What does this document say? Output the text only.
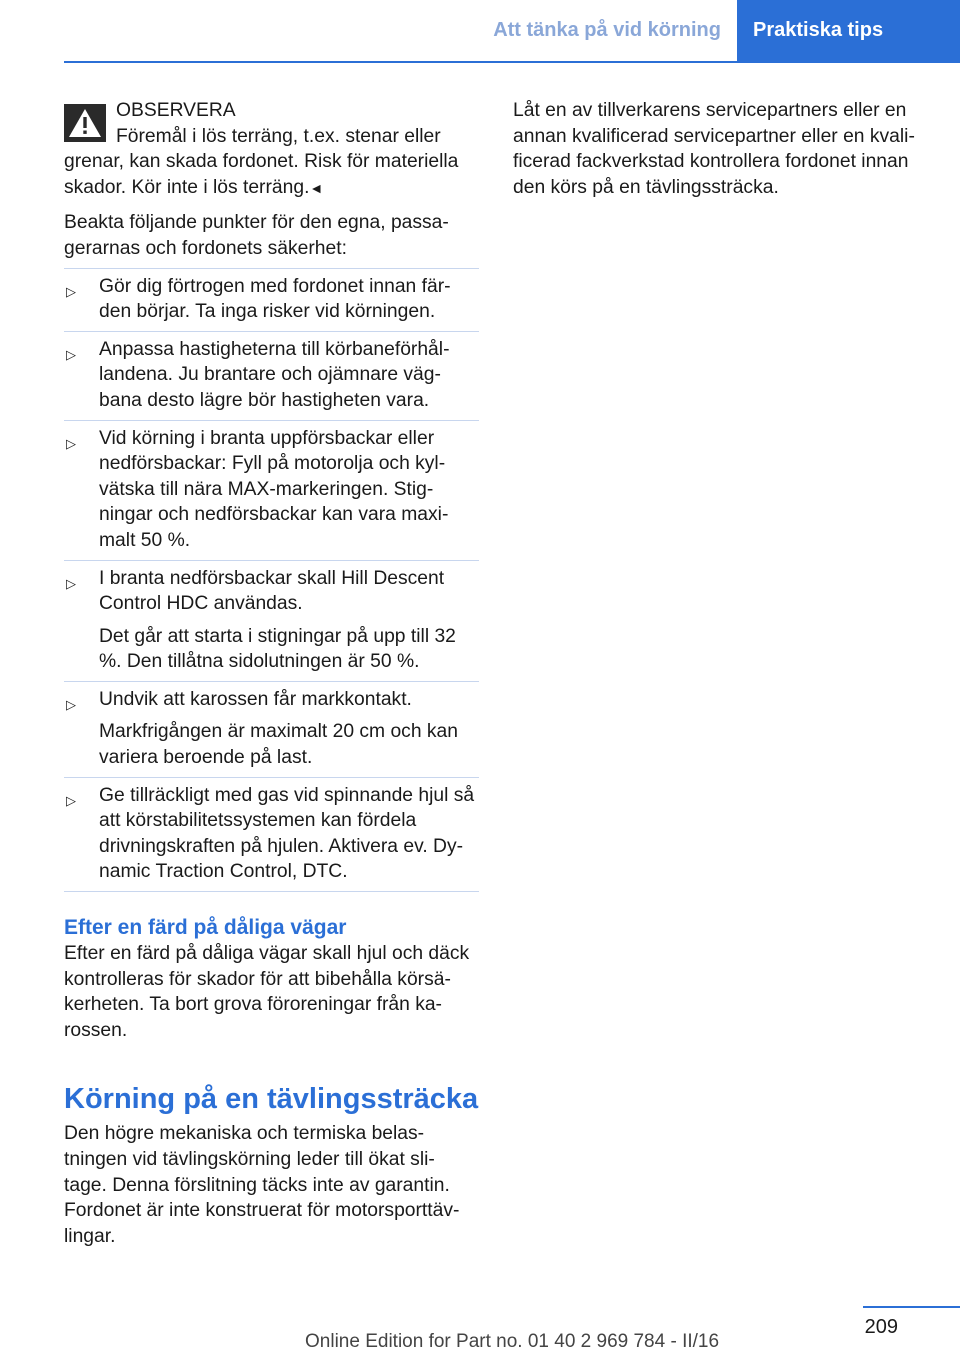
Att tänka på vid körning	Praktiska tips

OBSERVERA

Föremål i lös terräng, t.ex. stenar eller

grenar, kan skada fordonet. Risk för materiella skador. Kör inte i lös terräng.◄

Beakta följande punkter för den egna, passa- gerarnas och fordonets säkerhet:

▷ Gör dig förtrogen med fordonet innan fär- den börjar. Ta inga risker vid körningen.

▷ Anpassa hastigheterna till körbaneförhål- landena. Ju brantare och ojämnare väg- bana desto lägre bör hastigheten vara.

▷ Vid körning i branta uppförsbackar eller nedförsbackar: Fyll på motorolja och kyl- vätska till nära MAX-markeringen. Stig- ningar och nedförsbackar kan vara maxi- malt 50 %.

▷ I branta nedförsbackar skall Hill Descent Control HDC användas.

Det går att starta i stigningar på upp till 32 %. Den tillåtna sidolutningen är 50 %.

▷ Undvik att karossen får markkontakt.

Markfrigången är maximalt 20 cm och kan variera beroende på last.

▷ Ge tillräckligt med gas vid spinnande hjul så att körstabilitetssystemen kan fördela drivningskraften på hjulen. Aktivera ev. Dy- namic Traction Control, DTC.

Efter en färd på dåliga vägar

Efter en färd på dåliga vägar skall hjul och däck kontrolleras för skador för att bibehålla körsä- kerheten. Ta bort grova föroreningar från ka- rossen.

Körning på en tävlingssträcka

Den högre mekaniska och termiska belas- tningen vid tävlingskörning leder till ökat sli- tage. Denna förslitning täcks inte av garantin. Fordonet är inte konstruerat för motorsporttäv- lingar.

Låt en av tillverkarens servicepartners eller en annan kvalificerad servicepartner eller en kvali- ficerad fackverkstad kontrollera fordonet innan den körs på en tävlingssträcka.

209
Online Edition for Part no. 01 40 2 969 784 - II/16
